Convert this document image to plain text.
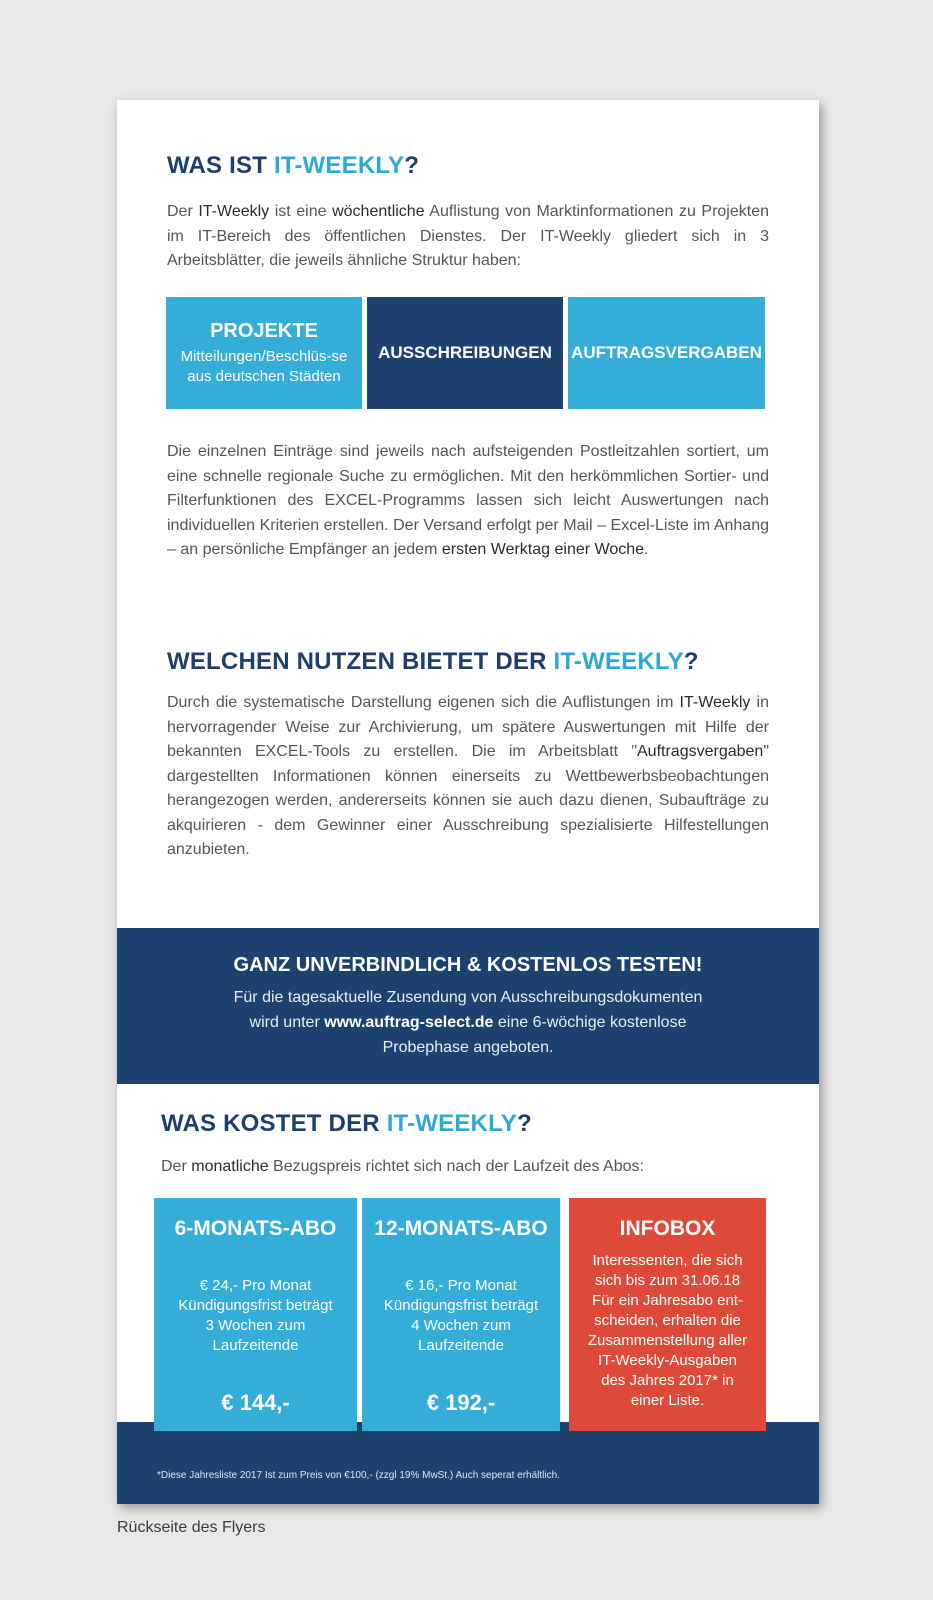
WAS IST IT-WEEKLY?
Der IT-Weekly ist eine wöchentliche Auflistung von Marktinformationen zu Projekten im IT-Bereich des öffentlichen Dienstes. Der IT-Weekly gliedert sich in 3 Arbeitsblätter, die jeweils ähnliche Struktur haben:
PROJEKTE
Mitteilungen/Beschlüs-se aus deutschen Städten
AUSSCHREIBUNGEN AUFTRAGSVERGABEN
Die einzelnen Einträge sind jeweils nach aufsteigenden Postleitzahlen sortiert, um eine schnelle regionale Suche zu ermöglichen. Mit den herkömmlichen Sortier- und Filterfunktionen des EXCEL-Programms lassen sich leicht Auswertungen nach individuellen Kriterien erstellen. Der Versand erfolgt per Mail – Excel-Liste im Anhang – an persönliche Empfänger an jedem ersten Werktag einer Woche.
WELCHEN NUTZEN BIETET DER IT-WEEKLY?
Durch die systematische Darstellung eigenen sich die Auflistungen im IT-Weekly in hervorragender Weise zur Archivierung, um spätere Auswertungen mit Hilfe der bekannten EXCEL-Tools zu erstellen. Die im Arbeitsblatt "Auftragsvergaben" dargestellten Informationen können einerseits zu Wettbewerbsbeobachtungen herangezogen werden, andererseits können sie auch dazu dienen, Subaufträge zu akquirieren - dem Gewinner einer Ausschreibung spezialisierte Hilfestellungen anzubieten.
GANZ UNVERBINDLICH & KOSTENLOS TESTEN!
Für die tagesaktuelle Zusendung von Ausschreibungsdokumenten
wird unter www.auftrag-select.de eine 6-wöchige kostenlose
Probephase angeboten.
WAS KOSTET DER IT-WEEKLY?
Der monatliche Bezugspreis richtet sich nach der Laufzeit des Abos:
6-MONATS-ABO
€ 24,- Pro Monat
Kündigungsfrist beträgt
3 Wochen zum
Laufzeitende
€ 144,-
12-MONATS-ABO
€ 16,- Pro Monat
Kündigungsfrist beträgt
4 Wochen zum
Laufzeitende
€ 192,-
INFOBOX
Interessenten, die sich
sich bis zum 31.06.18
Für ein Jahresabo ent-
scheiden, erhalten die
Zusammenstellung aller
IT-Weekly-Ausgaben
des Jahres 2017* in
einer Liste.
*Diese Jahresliste 2017 Ist zum Preis von €100,- (zzgl 19% MwSt.) Auch seperat erhältlich.
Rückseite des Flyers
